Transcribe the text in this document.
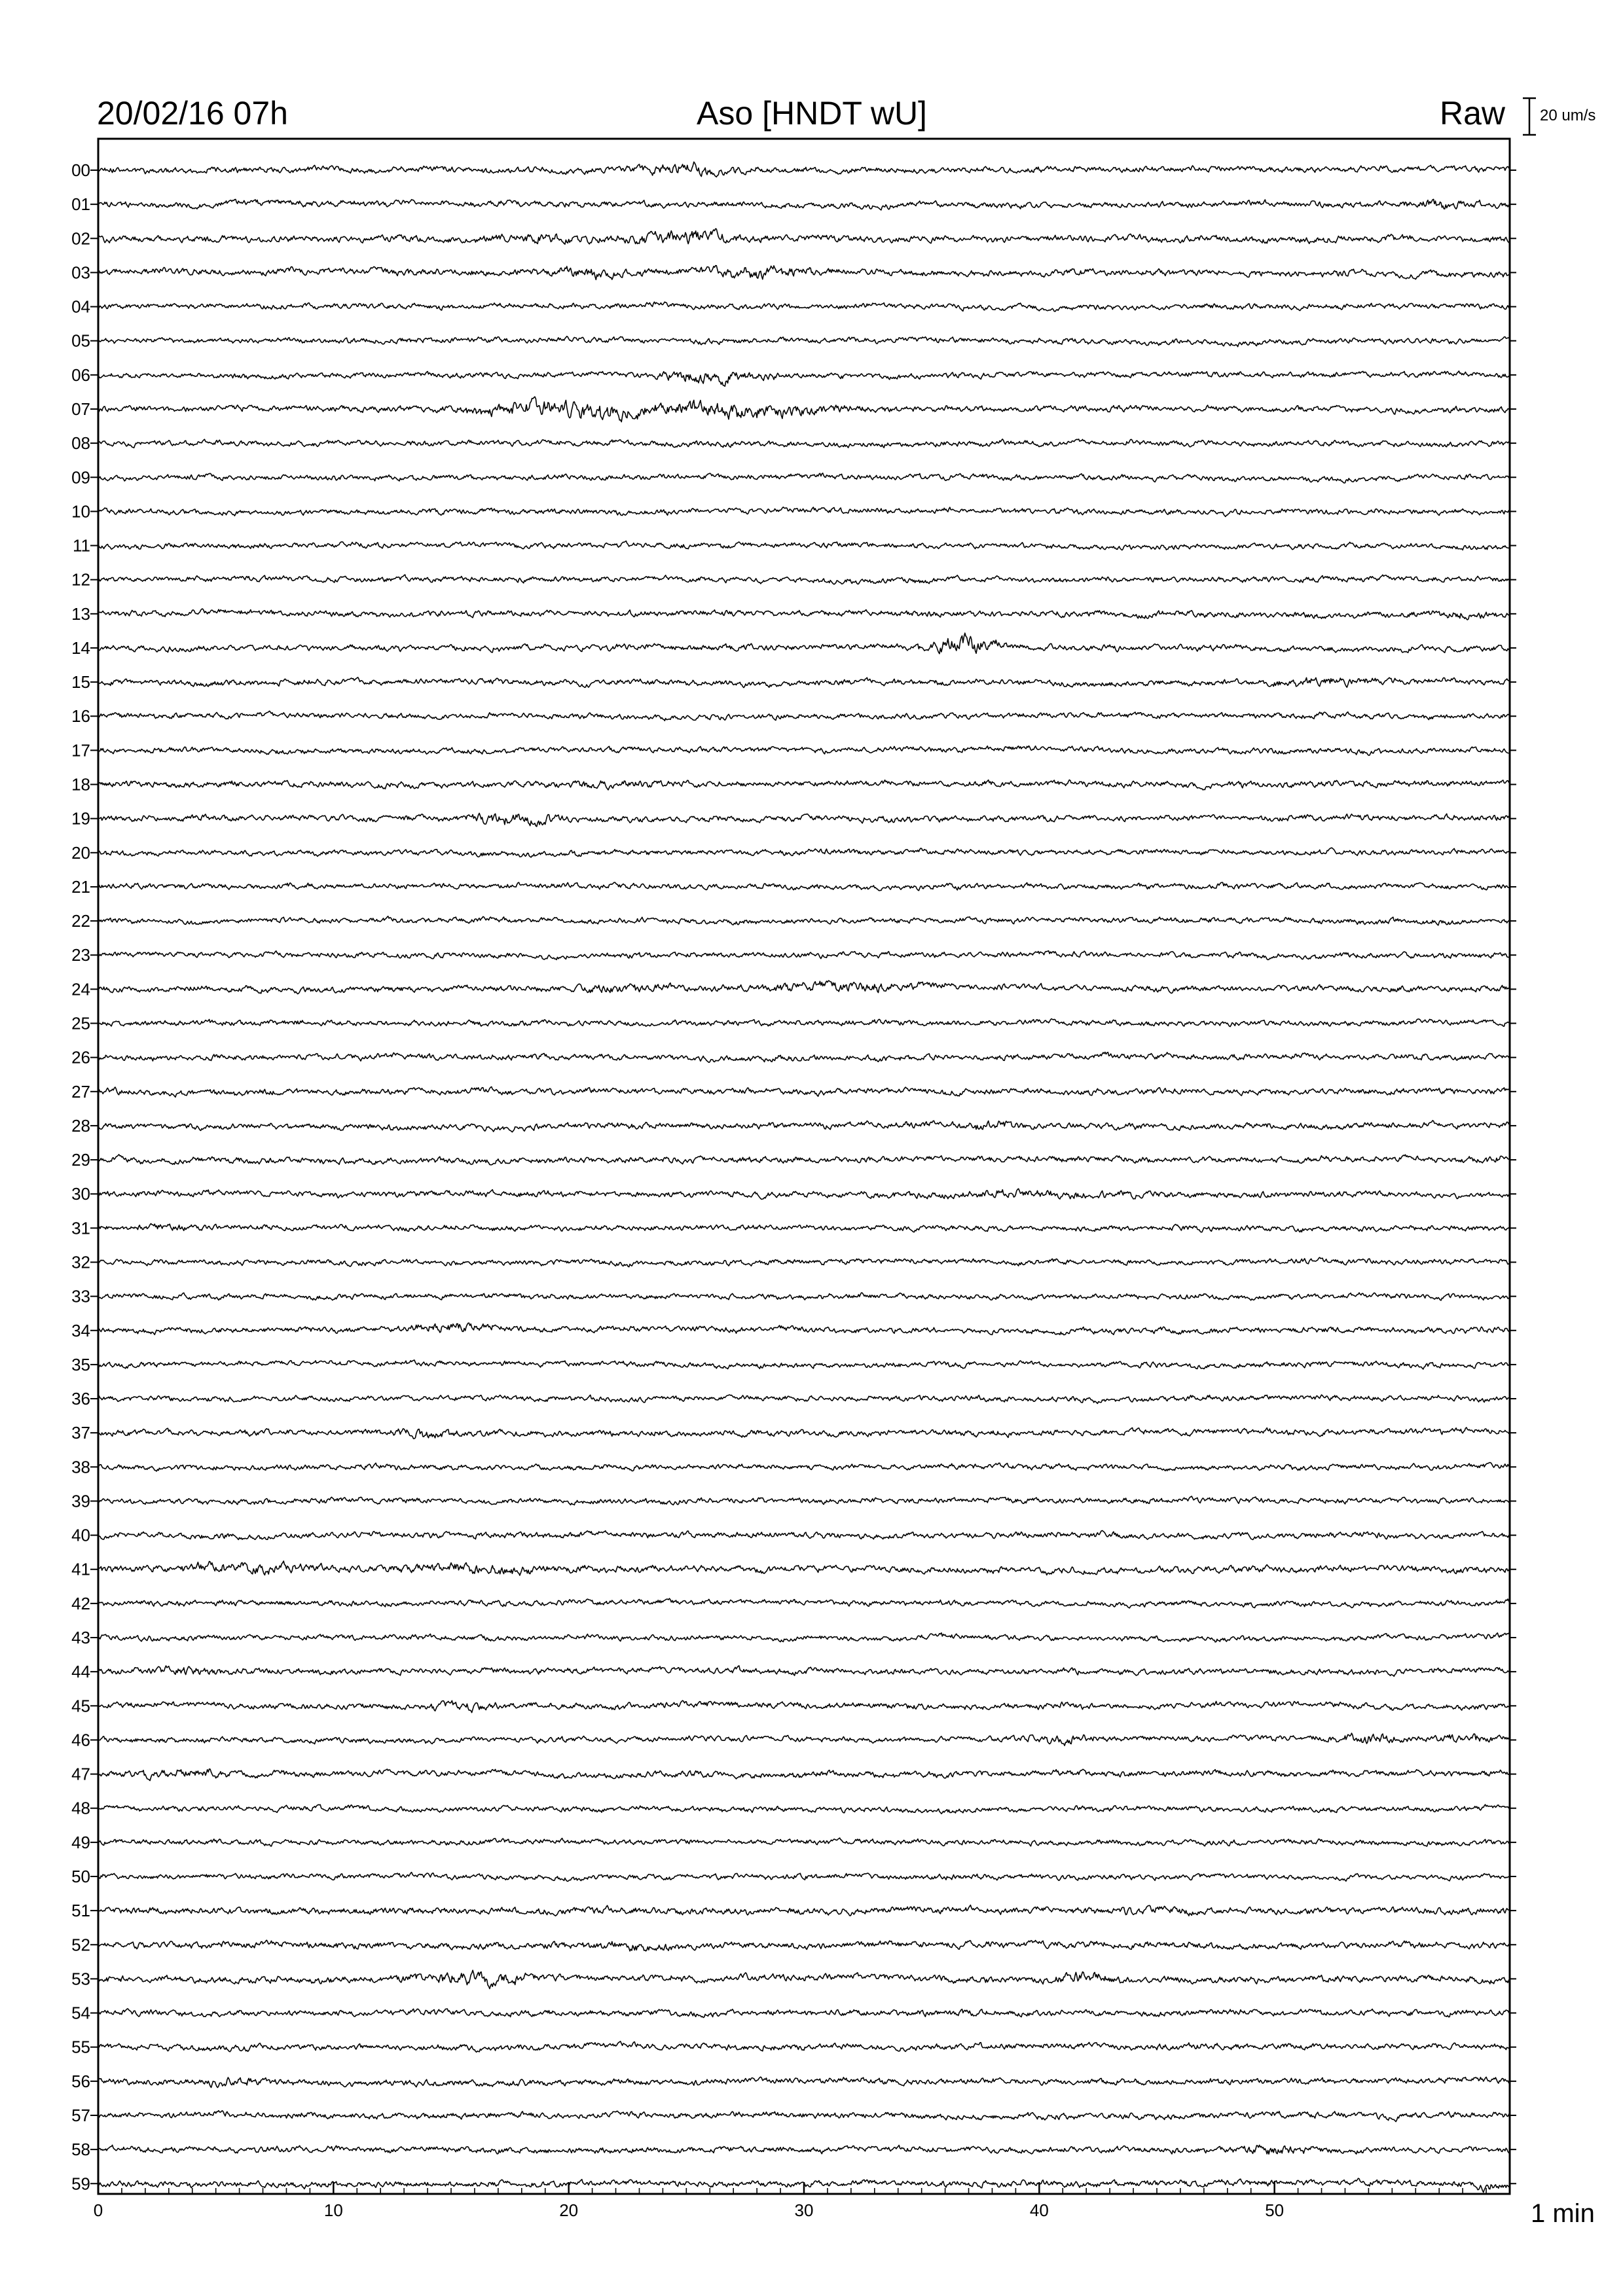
20/02/16 07h	Aso [HNDT wU]	Raw 20 um/s
1 min
00
01
02
03
04
05
06
07
08
09
10
11
12
13
14
15
16
17
18
19
20
21
22
23
24
25
26
27
28
29
30
31
32
33
34
35
36
37
38
39
40
41
42
43
44
45
46
47
48
49
50
51
52
53
54
55
56
57
58
59
0	10	20	30	40	50
